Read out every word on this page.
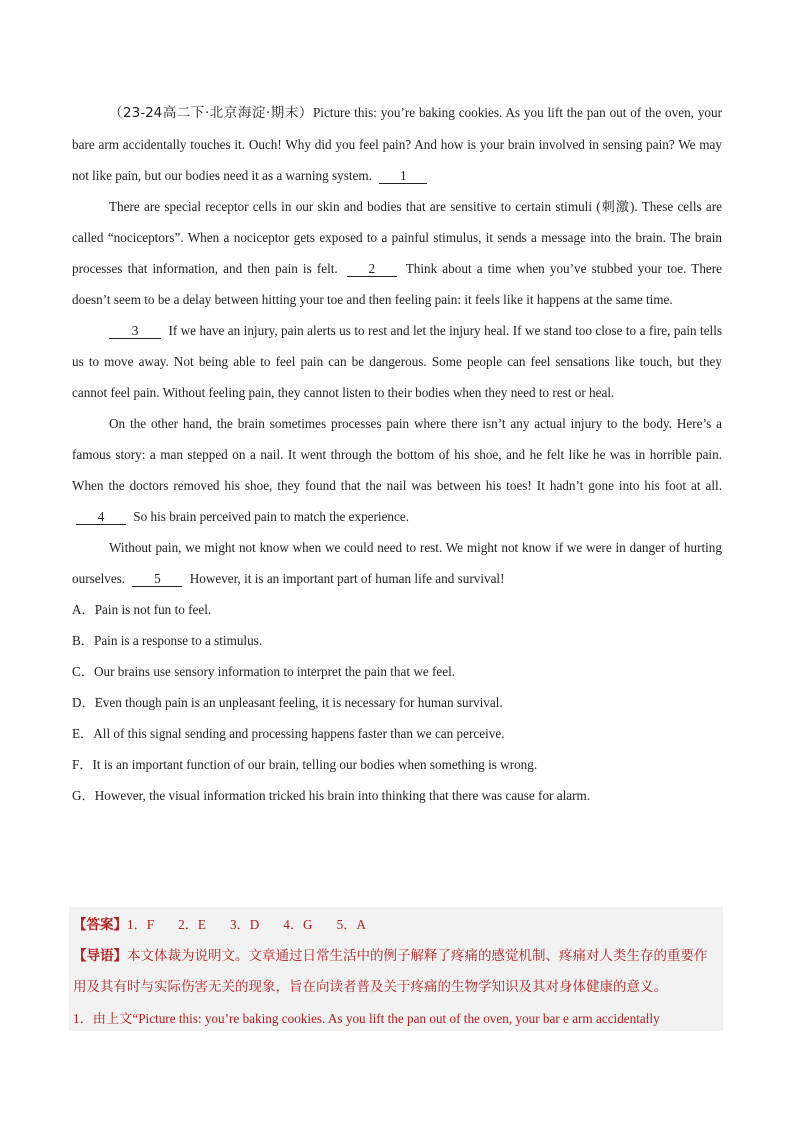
（23-24高二下·北京海淀·期末）Picture this: you’re baking cookies. As you lift the pan out of the oven, your bare arm accidentally touches it. Ouch! Why did you feel pain? And how is your brain involved in sensing pain? We may not like pain, but our bodies need it as a warning system. 1

There are special receptor cells in our skin and bodies that are sensitive to certain stimuli (刺激). These cells are called “nociceptors”. When a nociceptor gets exposed to a painful stimulus, it sends a message into the brain. The brain processes that information, and then pain is felt. 2 Think about a time when you’ve stubbed your toe. There doesn’t seem to be a delay between hitting your toe and then feeling pain: it feels like it happens at the same time.

3 If we have an injury, pain alerts us to rest and let the injury heal. If we stand too close to a fire, pain tells us to move away. Not being able to feel pain can be dangerous. Some people can feel sensations like touch, but they cannot feel pain. Without feeling pain, they cannot listen to their bodies when they need to rest or heal.

On the other hand, the brain sometimes processes pain where there isn’t any actual injury to the body. Here’s a famous story: a man stepped on a nail. It went through the bottom of his shoe, and he felt like he was in horrible pain. When the doctors removed his shoe, they found that the nail was between his toes! It hadn’t gone into his foot at all. 4 So his brain perceived pain to match the experience.

Without pain, we might not know when we could need to rest. We might not know if we were in danger of hurting ourselves. 5 However, it is an important part of human life and survival!

A．Pain is not fun to feel.

B．Pain is a response to a stimulus.

C．Our brains use sensory information to interpret the pain that we feel.

D．Even though pain is an unpleasant feeling, it is necessary for human survival.

E．All of this signal sending and processing happens faster than we can perceive.

F．It is an important function of our brain, telling our bodies when something is wrong.

G．However, the visual information tricked his brain into thinking that there was cause for alarm.

【答案】1．F 2．E 3．D 4．G 5．A

【导语】本文体裁为说明文。文章通过日常生活中的例子解释了疼痛的感觉机制、疼痛对人类生存的重要作用及其有时与实际伤害无关的现象，旨在向读者普及关于疼痛的生物学知识及其对身体健康的意义。

1．由上文“Picture this: you’re baking cookies. As you lift the pan out of the oven, your bar e arm accidentally
